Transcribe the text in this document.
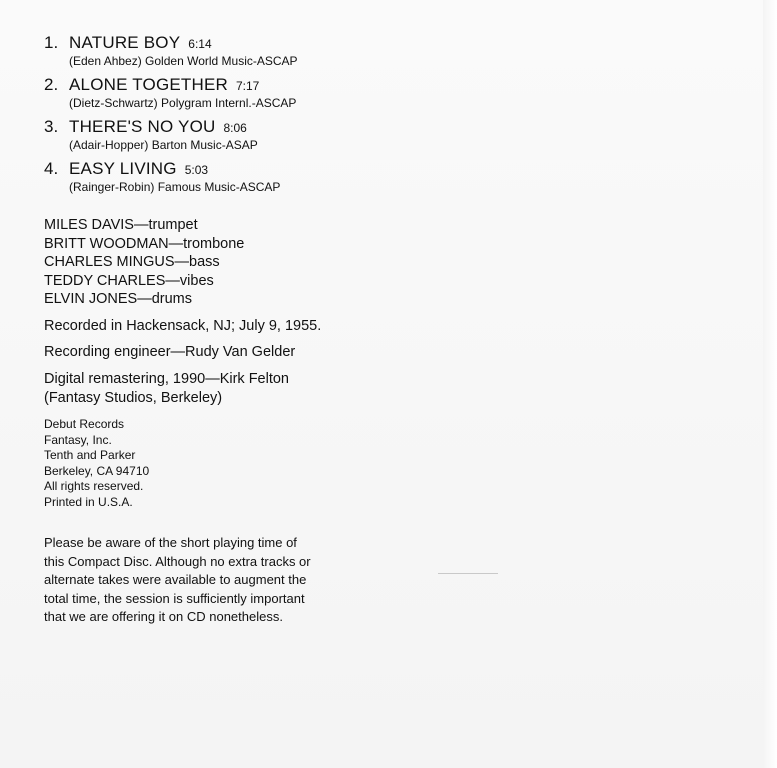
1. NATURE BOY 6:14
(Eden Ahbez) Golden World Music-ASCAP
2. ALONE TOGETHER 7:17
(Dietz-Schwartz) Polygram Internl.-ASCAP
3. THERE'S NO YOU 8:06
(Adair-Hopper) Barton Music-ASAP
4. EASY LIVING 5:03
(Rainger-Robin) Famous Music-ASCAP
MILES DAVIS—trumpet
BRITT WOODMAN—trombone
CHARLES MINGUS—bass
TEDDY CHARLES—vibes
ELVIN JONES—drums
Recorded in Hackensack, NJ; July 9, 1955.
Recording engineer—Rudy Van Gelder
Digital remastering, 1990—Kirk Felton
(Fantasy Studios, Berkeley)
Debut Records
Fantasy, Inc.
Tenth and Parker
Berkeley, CA 94710
All rights reserved.
Printed in U.S.A.
Please be aware of the short playing time of
this Compact Disc. Although no extra tracks or
alternate takes were available to augment the
total time, the session is sufficiently important
that we are offering it on CD nonetheless.
